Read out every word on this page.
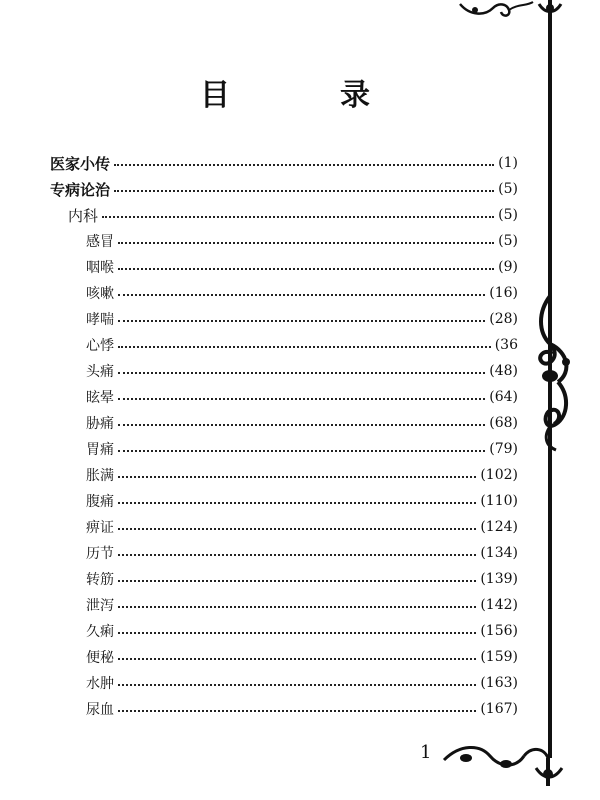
目	录
医家小传	(1)
专病论治	(5)
内科	(5)
感冒	(5)
咽喉	(9)
咳嗽	(16)
哮喘	(28)
心悸	(36
头痛	(48)
眩晕	(64)
胁痛	(68)
胃痛	(79)
胀满	(102)
腹痛	(110)
痹证	(124)
历节	(134)
转筋	(139)
泄泻	(142)
久痢	(156)
便秘	(159)
水肿	(163)
尿血	(167)
1
